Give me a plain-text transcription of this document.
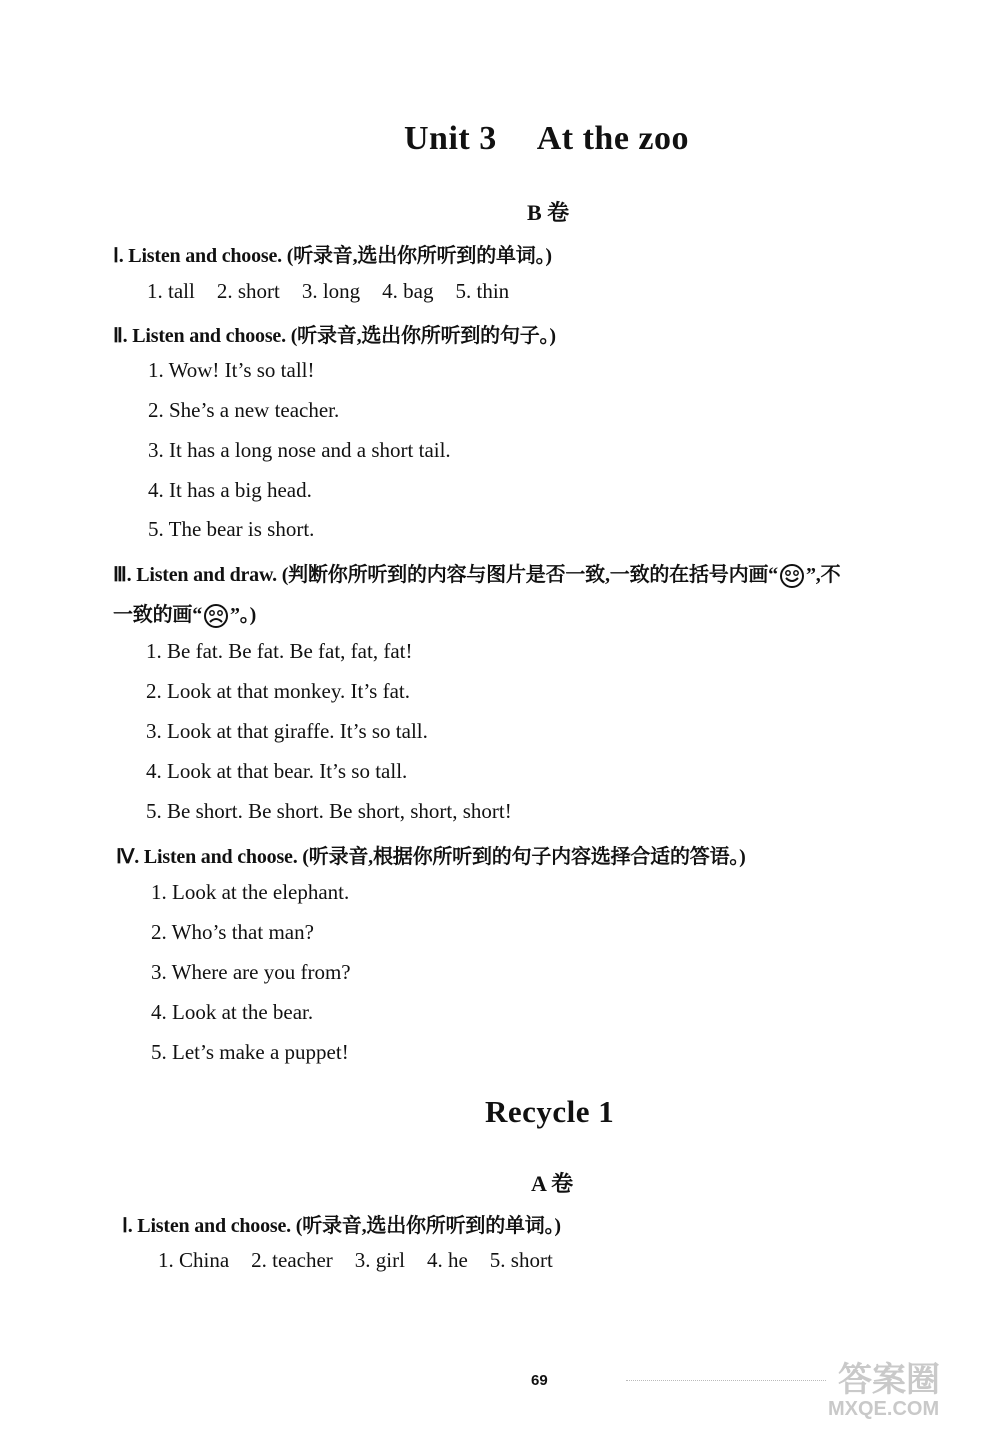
Unit 3 At the zoo
B 卷
Ⅰ. Listen and choose. (听录音,选出你所听到的单词。)
1. tall 2. short 3. long 4. bag 5. thin
Ⅱ. Listen and choose. (听录音,选出你所听到的句子。)
1. Wow! It’s so tall!
2. She’s a new teacher.
3. It has a long nose and a short tail.
4. It has a big head.
5. The bear is short.
Ⅲ. Listen and draw. (判断你所听到的内容与图片是否一致,一致的在括号内画“ ”,不
一致的画“ ”。)
1. Be fat. Be fat. Be fat, fat, fat!
2. Look at that monkey. It’s fat.
3. Look at that giraffe. It’s so tall.
4. Look at that bear. It’s so tall.
5. Be short. Be short. Be short, short, short!
Ⅳ. Listen and choose. (听录音,根据你所听到的句子内容选择合适的答语。)
1. Look at the elephant.
2. Who’s that man?
3. Where are you from?
4. Look at the bear.
5. Let’s make a puppet!
Recycle 1
A 卷
Ⅰ. Listen and choose. (听录音,选出你所听到的单词。)
1. China 2. teacher 3. girl 4. he 5. short
69	答案圈
MXQE.COM
